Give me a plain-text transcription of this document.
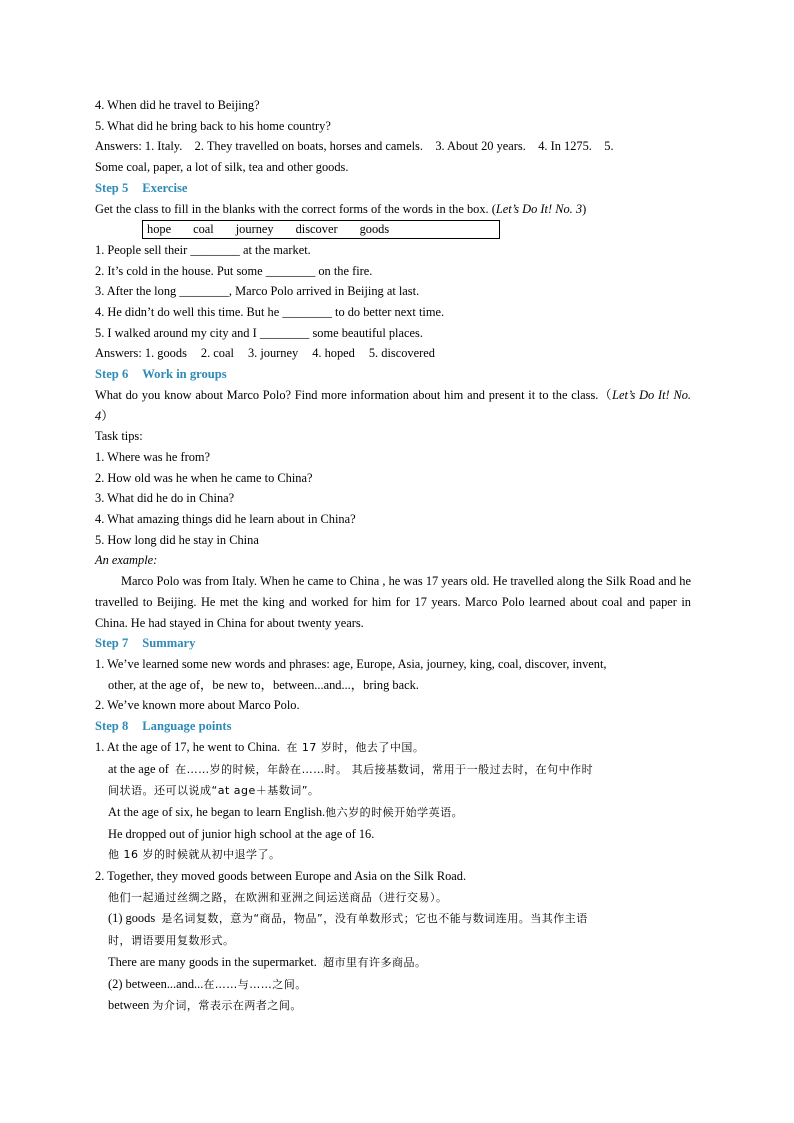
4. When did he travel to Beijing?
5. What did he bring back to his home country?
Answers: 1. Italy.    2. They travelled on boats, horses and camels.    3. About 20 years.    4. In 1275.    5.
Some coal, paper, a lot of silk, tea and other goods.
Step 5 Exercise
Get the class to fill in the blanks with the correct forms of the words in the box. (Let’s Do It! No. 3)
hope coal journey discover goods
1. People sell their ________ at the market.
2. It’s cold in the house. Put some ________ on the fire.
3. After the long ________, Marco Polo arrived in Beijing at last.
4. He didn’t do well this time. But he ________ to do better next time.
5. I walked around my city and I ________ some beautiful places.
Answers: 1. goods 2. coal 3. journey 4. hoped 5. discovered
Step 6 Work in groups
What do you know about Marco Polo? Find more information about him and present it to the class.（Let’s Do It! No. 4）
Task tips:
1. Where was he from?
2. How old was he when he came to China?
3. What did he do in China?
4. What amazing things did he learn about in China?
5. How long did he stay in China
An example:
Marco Polo was from Italy. When he came to China , he was 17 years old. He travelled along the Silk Road and he travelled to Beijing. He met the king and worked for him for 17 years. Marco Polo learned about coal and paper in China. He had stayed in China for about twenty years.
Step 7 Summary
1. We’ve learned some new words and phrases: age, Europe, Asia, journey, king, coal, discover, invent,
other, at the age of，be new to，between...and...，bring back.
2. We’ve known more about Marco Polo.
Step 8 Language points
1. At the age of 17, he went to China. 在 17 岁时，他去了中国。
at the age of 在……岁的时候，年龄在……时。 其后接基数词，常用于一般过去时，在句中作时
间状语。还可以说成“at age＋基数词”。
At the age of six, he began to learn English.他六岁的时候开始学英语。
He dropped out of junior high school at the age of 16.
他 16 岁的时候就从初中退学了。
2. Together, they moved goods between Europe and Asia on the Silk Road.
他们一起通过丝绸之路，在欧洲和亚洲之间运送商品（进行交易）。
(1) goods 是名词复数，意为“商品，物品”，没有单数形式；它也不能与数词连用。当其作主语
时，谓语要用复数形式。
There are many goods in the supermarket. 超市里有许多商品。
(2) between...and...在……与……之间。
between 为介词，常表示在两者之间。
